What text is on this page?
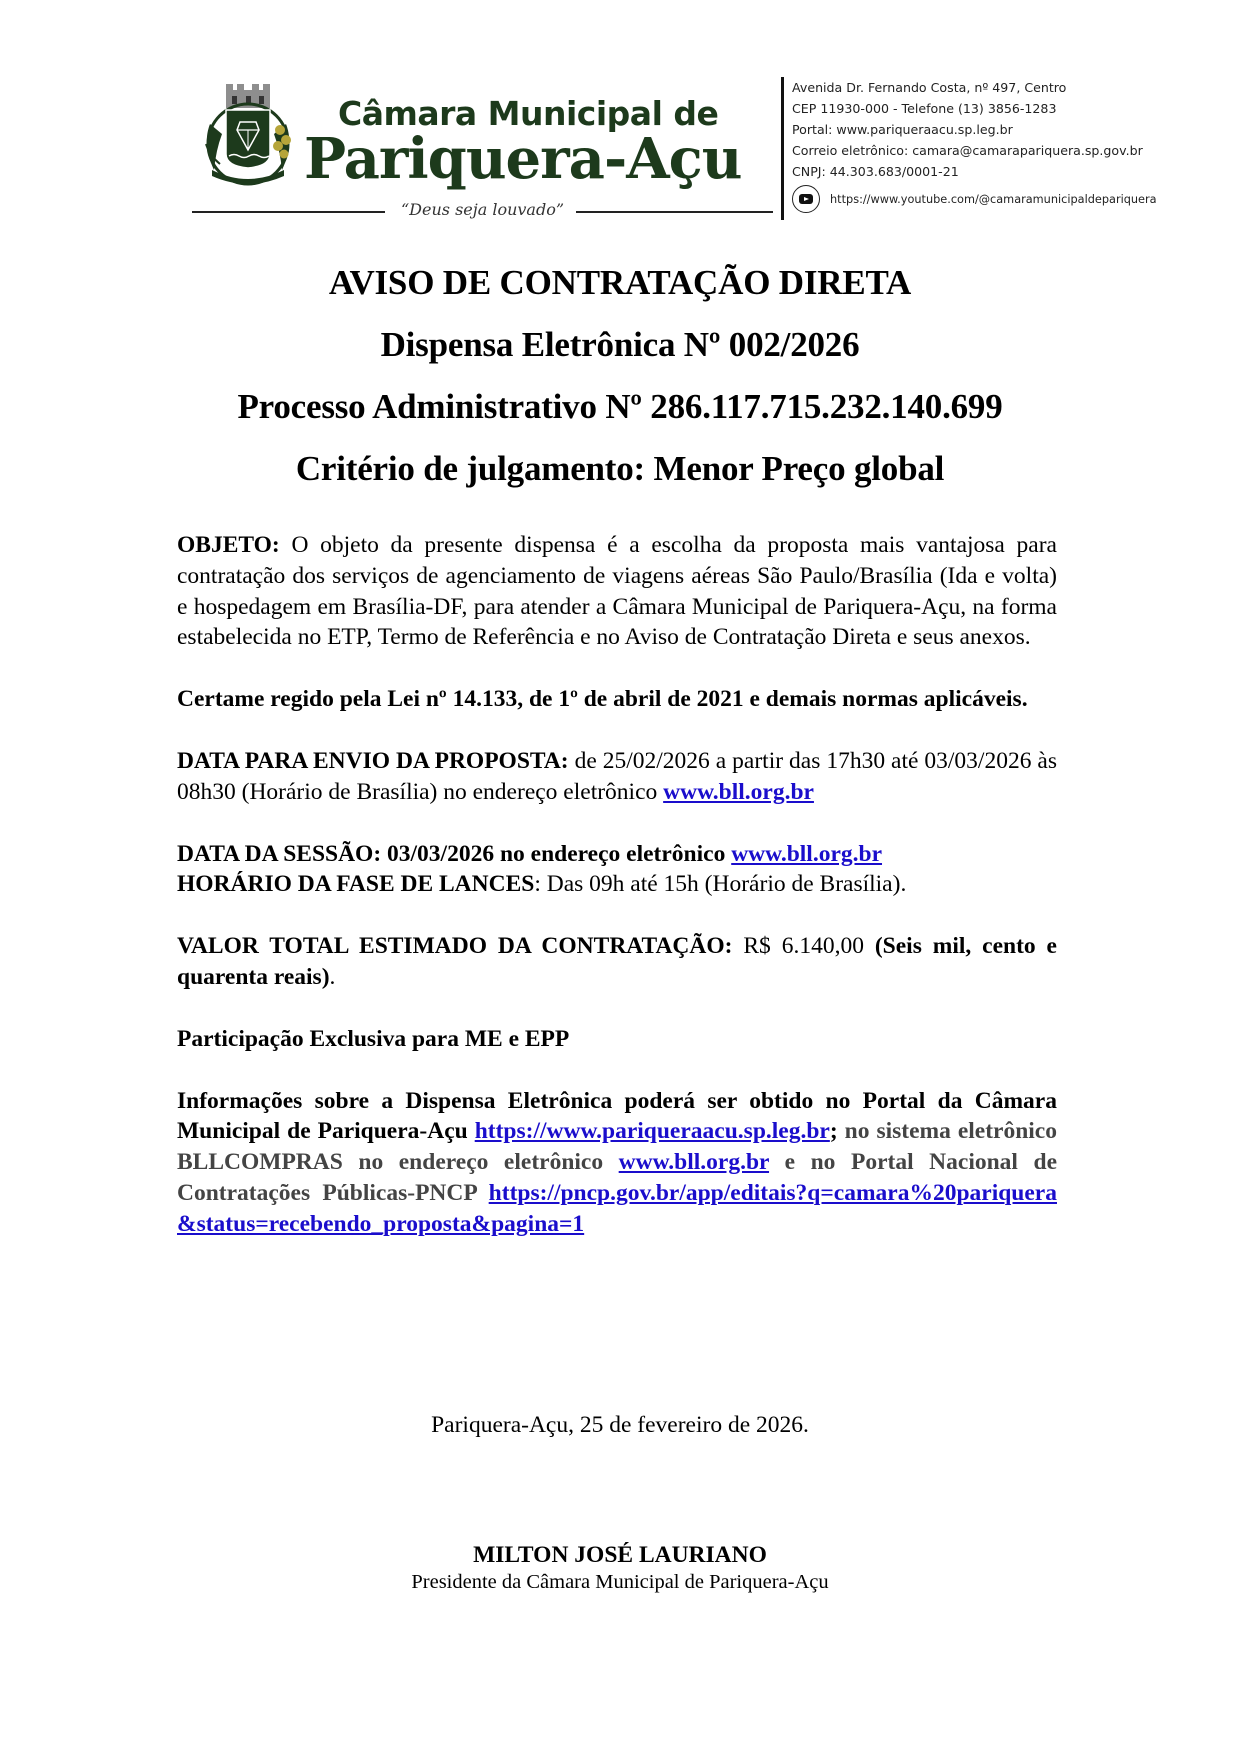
Câmara Municipal de
Pariquera-Açu
“Deus seja louvado”
Avenida Dr. Fernando Costa, nº 497, Centro
CEP 11930-000 - Telefone (13) 3856-1283
Portal: www.pariqueraacu.sp.leg.br
Correio eletrônico: camara@camarapariquera.sp.gov.br
CNPJ: 44.303.683/0001-21
https://www.youtube.com/@camaramunicipaldepariquera
AVISO DE CONTRATAÇÃO DIRETA
Dispensa Eletrônica Nº 002/2026
Processo Administrativo Nº 286.117.715.232.140.699
Critério de julgamento: Menor Preço global

OBJETO: O objeto da presente dispensa é a escolha da proposta mais vantajosa para contratação dos serviços de agenciamento de viagens aéreas São Paulo/Brasília (Ida e volta) e hospedagem em Brasília-DF, para atender a Câmara Municipal de Pariquera-Açu, na forma estabelecida no ETP, Termo de Referência e no Aviso de Contratação Direta e seus anexos.

Certame regido pela Lei nº 14.133, de 1º de abril de 2021 e demais normas aplicáveis.

DATA PARA ENVIO DA PROPOSTA: de 25/02/2026 a partir das 17h30 até 03/03/2026 às 08h30 (Horário de Brasília) no endereço eletrônico www.bll.org.br

DATA DA SESSÃO: 03/03/2026 no endereço eletrônico www.bll.org.br

HORÁRIO DA FASE DE LANCES: Das 09h até 15h (Horário de Brasília).

VALOR TOTAL ESTIMADO DA CONTRATAÇÃO: R$ 6.140,00 (Seis mil, cento e quarenta reais).

Participação Exclusiva para ME e EPP

Informações sobre a Dispensa Eletrônica poderá ser obtido no Portal da Câmara Municipal de Pariquera-Açu https://www.pariqueraacu.sp.leg.br; no sistema eletrônico BLLCOMPRAS no endereço eletrônico www.bll.org.br e no Portal Nacional de Contratações Públicas-PNCP https://pncp.gov.br/app/editais?q=camara%20pariquera&status=recebendo_proposta&pagina=1

Pariquera-Açu, 25 de fevereiro de 2026.
MILTON JOSÉ LAURIANO
Presidente da Câmara Municipal de Pariquera-Açu
